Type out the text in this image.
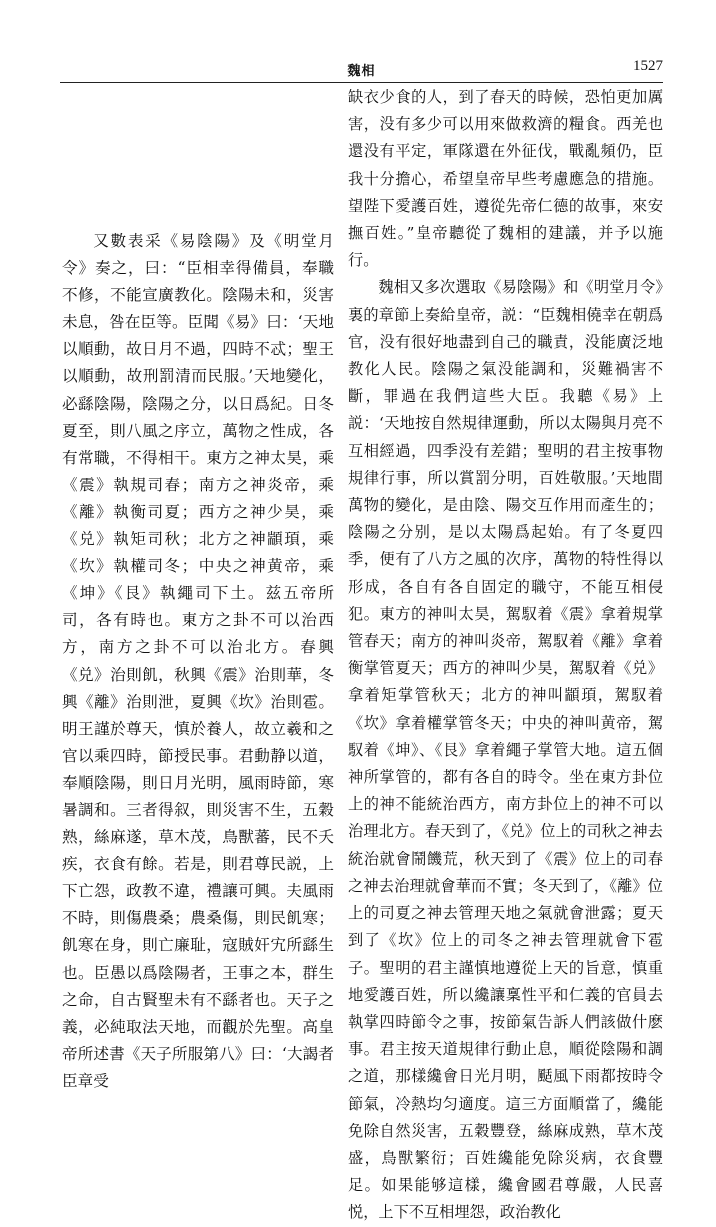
魏相	1527

又數表采《易陰陽》及《明堂月令》奏之，曰：“臣相幸得備員，奉職不修，不能宣廣教化。陰陽未和，災害未息，咎在臣等。臣聞《易》曰：‘天地以順動，故日月不過，四時不忒；聖王以順動，故刑罰清而民服。’天地變化，必繇陰陽，陰陽之分，以日爲紀。日冬夏至，則八風之序立，萬物之性成，各有常職，不得相干。東方之神太昊，乘《震》執規司春；南方之神炎帝，乘《離》執衡司夏；西方之神少昊，乘《兑》執矩司秋；北方之神顓頊，乘《坎》執權司冬；中央之神黄帝，乘《坤》《艮》執繩司下土。兹五帝所司，各有時也。東方之卦不可以治西方，南方之卦不可以治北方。春興《兑》治則飢，秋興《震》治則華，冬興《離》治則泄，夏興《坎》治則雹。明王謹於尊天，慎於養人，故立羲和之官以乘四時，節授民事。君動静以道，奉順陰陽，則日月光明，風雨時節，寒暑調和。三者得叙，則災害不生，五穀熟，絲麻遂，草木茂，鳥獸蕃，民不夭疾，衣食有餘。若是，則君尊民説，上下亡怨，政教不違，禮讓可興。夫風雨不時，則傷農桑；農桑傷，則民飢寒；飢寒在身，則亡廉耻，寇賊奸宄所繇生也。臣愚以爲陰陽者，王事之本，群生之命，自古賢聖未有不繇者也。天子之義，必純取法天地，而觀於先聖。高皇帝所述書《天子所服第八》曰：‘大謁者臣章受

缺衣少食的人，到了春天的時候，恐怕更加厲害，没有多少可以用來做救濟的糧食。西羌也還没有平定，軍隊還在外征伐，戰亂頻仍，臣我十分擔心，希望皇帝早些考慮應急的措施。望陛下愛護百姓，遵從先帝仁德的故事，來安撫百姓。”皇帝聽從了魏相的建議，并予以施行。

魏相又多次選取《易陰陽》和《明堂月令》裏的章節上奏給皇帝，説：“臣魏相僥幸在朝爲官，没有很好地盡到自己的職責，没能廣泛地教化人民。陰陽之氣没能調和，災難禍害不斷，罪過在我們這些大臣。我聽《易》上説：‘天地按自然規律運動，所以太陽與月亮不互相經過，四季没有差錯；聖明的君主按事物規律行事，所以賞罰分明，百姓敬服。’天地間萬物的變化，是由陰、陽交互作用而產生的；陰陽之分别，是以太陽爲起始。有了冬夏四季，便有了八方之風的次序，萬物的特性得以形成，各自有各自固定的職守，不能互相侵犯。東方的神叫太昊，駕馭着《震》拿着規掌管春天；南方的神叫炎帝，駕馭着《離》拿着衡掌管夏天；西方的神叫少昊，駕馭着《兑》拿着矩掌管秋天；北方的神叫顓頊，駕馭着《坎》拿着權掌管冬天；中央的神叫黄帝，駕馭着《坤》、《艮》拿着繩子掌管大地。這五個神所掌管的，都有各自的時令。坐在東方卦位上的神不能統治西方，南方卦位上的神不可以治理北方。春天到了，《兑》位上的司秋之神去統治就會鬧饑荒，秋天到了《震》位上的司春之神去治理就會華而不實；冬天到了，《離》位上的司夏之神去管理天地之氣就會泄露；夏天到了《坎》位上的司冬之神去管理就會下雹子。聖明的君主謹慎地遵從上天的旨意，慎重地愛護百姓，所以纔讓稟性平和仁義的官員去執掌四時節令之事，按節氣告訴人們該做什麽事。君主按天道規律行動止息，順從陰陽和調之道，那樣纔會日光月明，颳風下雨都按時令節氣，冷熱均匀適度。這三方面順當了，纔能免除自然災害，五穀豐登，絲麻成熟，草木茂盛，鳥獸繁衍；百姓纔能免除災病，衣食豐足。如果能够這樣，纔會國君尊嚴，人民喜悦，上下不互相埋怨，政治教化
